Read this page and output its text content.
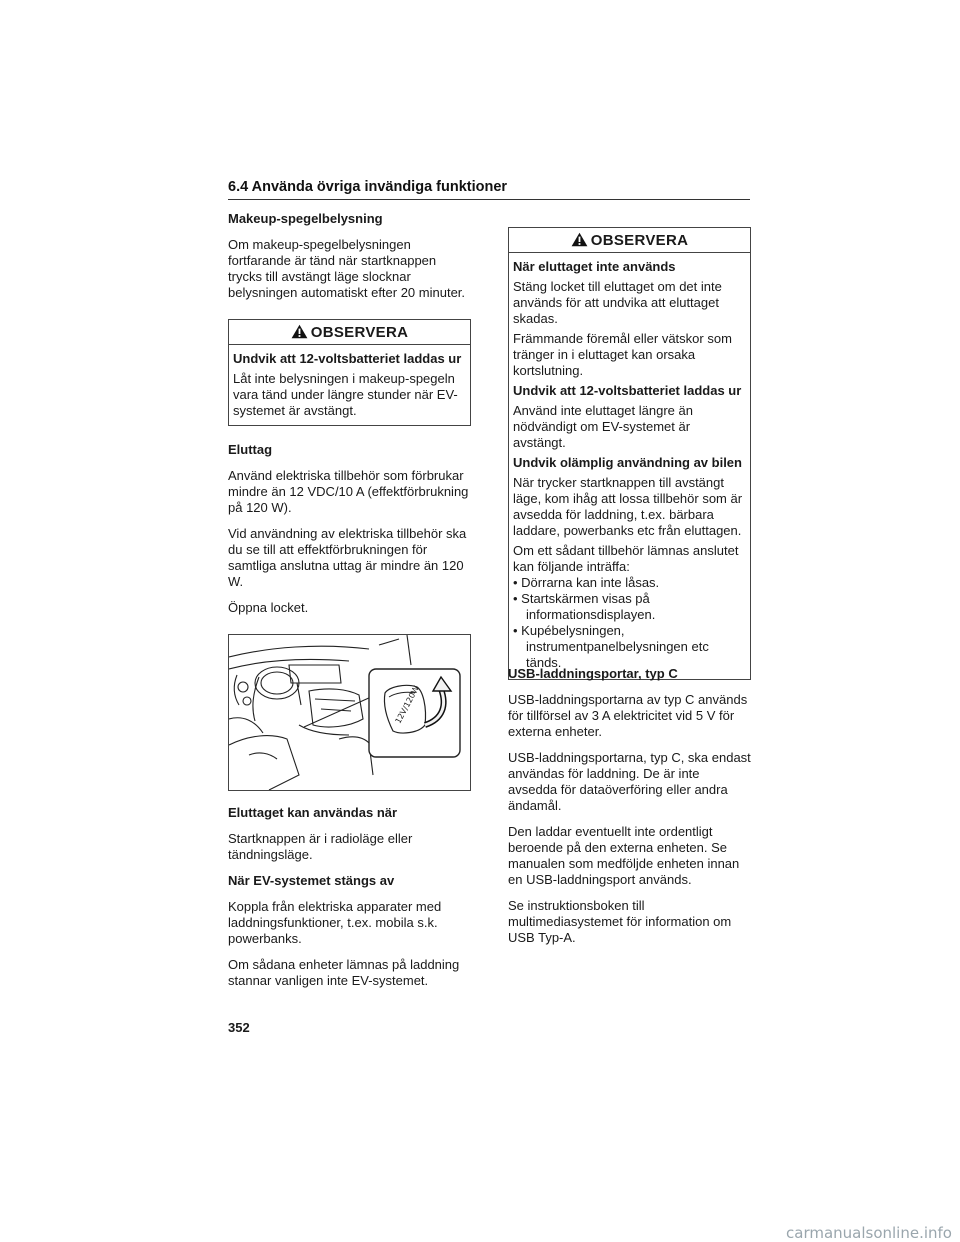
6.4 Använda övriga invändiga funktioner

Makeup-spegelbelysning

Om makeup-spegelbelysningen fortfarande är tänd när startknappen trycks till avstängt läge slocknar belysningen automatiskt efter 20 minuter.

OBSERVERA

Undvik att 12-voltsbatteriet laddas ur

Låt inte belysningen i makeup-spegeln vara tänd under längre stunder när EV-systemet är avstängt.

Eluttag

Använd elektriska tillbehör som förbrukar mindre än 12 VDC/10 A (effektförbrukning på 120 W).

Vid användning av elektriska tillbehör ska du se till att effektförbrukningen för samtliga anslutna uttag är mindre än 120 W.

Öppna locket.

12V/120W

Eluttaget kan användas när

Startknappen är i radioläge eller tändningsläge.

När EV-systemet stängs av

Koppla från elektriska apparater med laddningsfunktioner, t.ex. mobila s.k. powerbanks.

Om sådana enheter lämnas på laddning stannar vanligen inte EV-systemet.

OBSERVERA

När eluttaget inte används

Stäng locket till eluttaget om det inte används för att undvika att eluttaget skadas.

Främmande föremål eller vätskor som tränger in i eluttaget kan orsaka kortslutning.

Undvik att 12-voltsbatteriet laddas ur

Använd inte eluttaget längre än nödvändigt om EV-systemet är avstängt.

Undvik olämplig användning av bilen

När trycker startknappen till avstängt läge, kom ihåg att lossa tillbehör som är avsedda för laddning, t.ex. bärbara laddare, powerbanks etc från eluttagen.

Om ett sådant tillbehör lämnas anslutet kan följande inträffa:

• Dörrarna kan inte låsas.
• Startskärmen visas på informationsdisplayen.
• Kupébelysningen, instrumentpanelbelysningen etc tänds.

USB-laddningsportar, typ C

USB-laddningsportarna av typ C används för tillförsel av 3 A elektricitet vid 5 V för externa enheter.

USB-laddningsportarna, typ C, ska endast användas för laddning. De är inte avsedda för dataöverföring eller andra ändamål.

Den laddar eventuellt inte ordentligt beroende på den externa enheten. Se manualen som medföljde enheten innan en USB-laddningsport används.

Se instruktionsboken till multimediasystemet för information om USB Typ-A.

352
carmanualsonline.info
